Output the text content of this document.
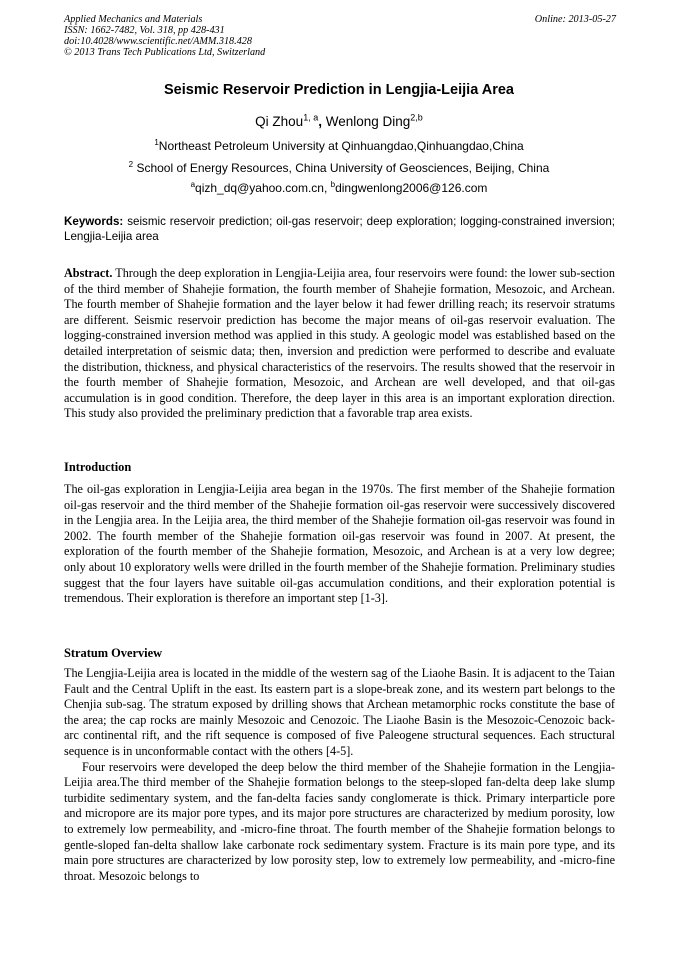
Applied Mechanics and Materials
ISSN: 1662-7482, Vol. 318, pp 428-431
doi:10.4028/www.scientific.net/AMM.318.428
© 2013 Trans Tech Publications Ltd, Switzerland
Online: 2013-05-27
Seismic Reservoir Prediction in Lengjia-Leijia Area
Qi Zhou$^{1, a}$, Wenlong Ding$^{2,b}$
$^1$Northeast Petroleum University at Qinhuangdao,Qinhuangdao,China
$^2$ School of Energy Resources, China University of Geosciences, Beijing, China
$^a$qizh_dq@yahoo.com.cn, $^b$dingwenlong2006@126.com
Keywords: seismic reservoir prediction; oil-gas reservoir; deep exploration; logging-constrained inversion; Lengjia-Leijia area

Abstract. Through the deep exploration in Lengjia-Leijia area, four reservoirs were found: the lower sub-section of the third member of Shahejie formation, the fourth member of Shahejie formation, Mesozoic, and Archean. The fourth member of Shahejie formation and the layer below it had fewer drilling reach; its reservoir stratums are different. Seismic reservoir prediction has become the major means of oil-gas reservoir evaluation. The logging-constrained inversion method was applied in this study. A geologic model was established based on the detailed interpretation of seismic data; then, inversion and prediction were performed to describe and evaluate the distribution, thickness, and physical characteristics of the reservoirs. The results showed that the reservoir in the fourth member of Shahejie formation, Mesozoic, and Archean are well developed, and that oil-gas accumulation is in good condition. Therefore, the deep layer in this area is an important exploration direction. This study also provided the preliminary prediction that a favorable trap area exists.

Introduction

The oil-gas exploration in Lengjia-Leijia area began in the 1970s. The first member of the Shahejie formation oil-gas reservoir and the third member of the Shahejie formation oil-gas reservoir were successively discovered in the Lengjia area. In the Leijia area, the third member of the Shahejie formation oil-gas reservoir was found in 2002. The fourth member of the Shahejie formation oil-gas reservoir was found in 2007. At present, the exploration of the fourth member of the Shahejie formation, Mesozoic, and Archean is at a very low degree; only about 10 exploratory wells were drilled in the fourth member of the Shahejie formation. Preliminary studies suggest that the four layers have suitable oil-gas accumulation conditions, and their exploration potential is tremendous. Their exploration is therefore an important step [1-3].

Stratum Overview

The Lengjia-Leijia area is located in the middle of the western sag of the Liaohe Basin. It is adjacent to the Taian Fault and the Central Uplift in the east. Its eastern part is a slope-break zone, and its western part belongs to the Chenjia sub-sag. The stratum exposed by drilling shows that Archean metamorphic rocks constitute the base of the area; the cap rocks are mainly Mesozoic and Cenozoic. The Liaohe Basin is the Mesozoic-Cenozoic back-arc continental rift, and the rift sequence is composed of five Paleogene structural sequences. Each structural sequence is in unconformable contact with the others [4-5].

Four reservoirs were developed the deep below the third member of the Shahejie formation in the Lengjia-Leijia area.The third member of the Shahejie formation belongs to the steep-sloped fan-delta deep lake slump turbidite sedimentary system, and the fan-delta facies sandy conglomerate is thick. Primary interparticle pore and micropore are its major pore types, and its major pore structures are characterized by medium porosity, low to extremely low permeability, and -micro-fine throat. The fourth member of the Shahejie formation belongs to gentle-sloped fan-delta shallow lake carbonate rock sedimentary system. Fracture is its main pore type, and its main pore structures are characterized by low porosity step, low to extremely low permeability, and -micro-fine throat. Mesozoic belongs to
